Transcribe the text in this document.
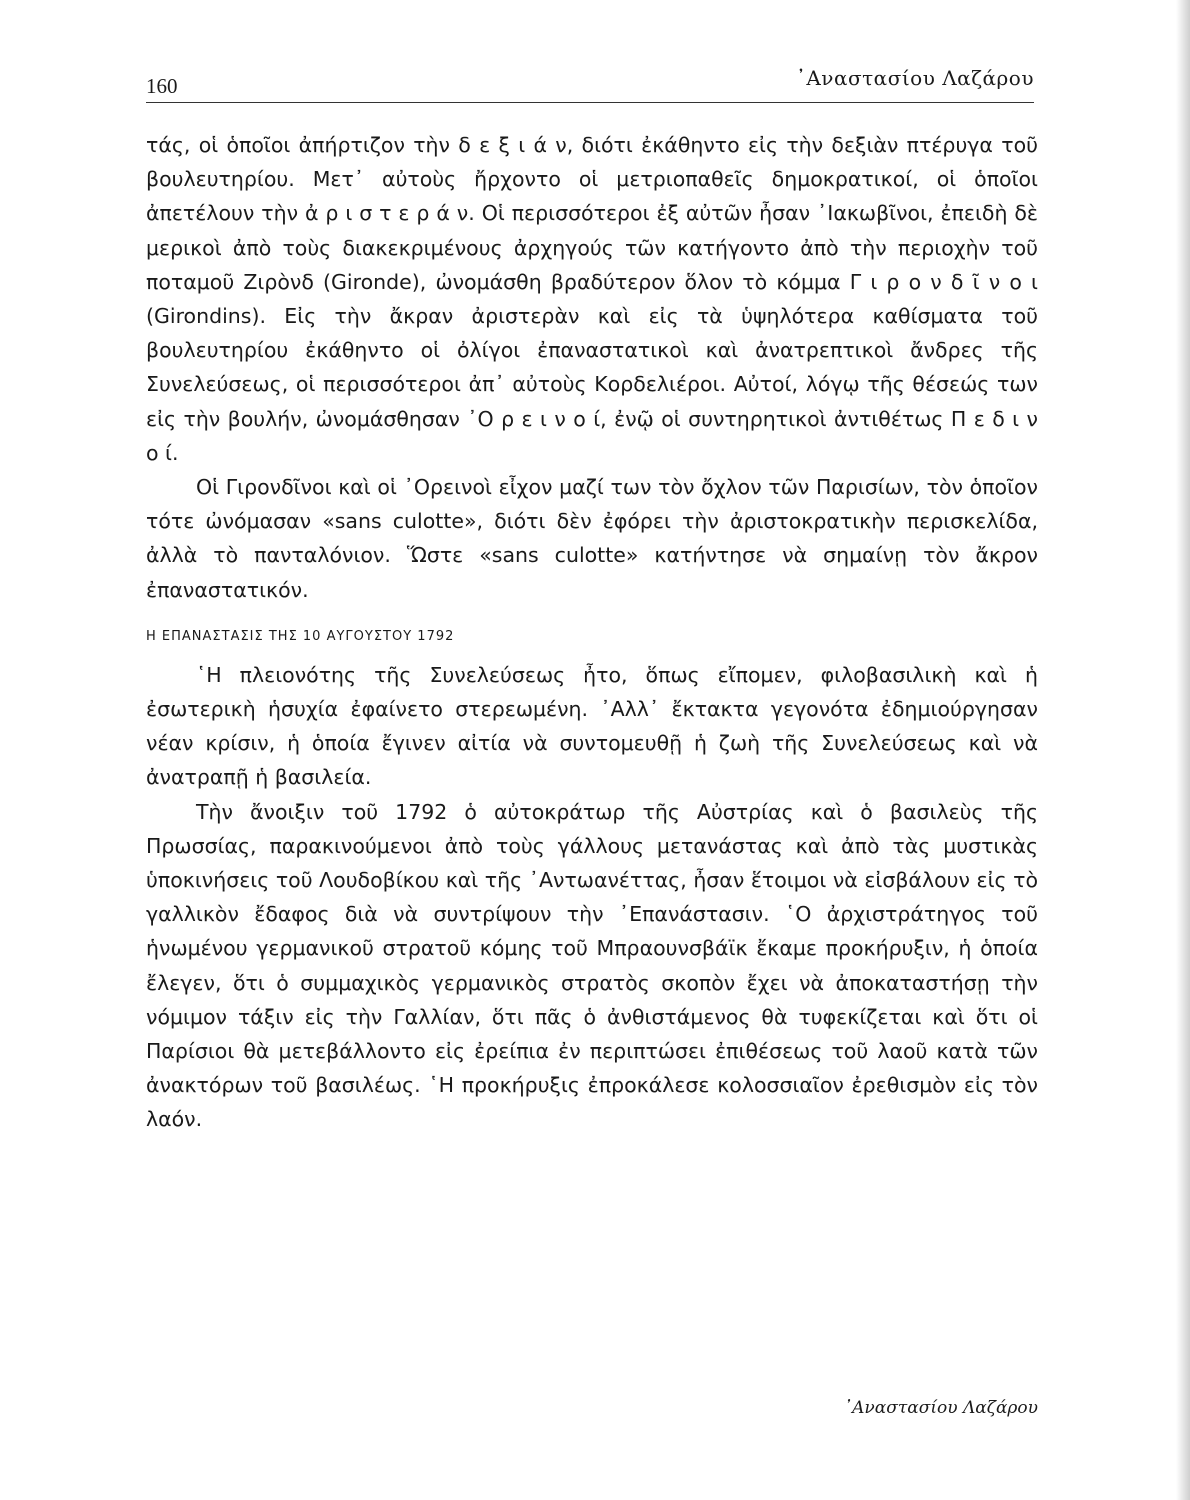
160	᾿Αναστασίου Λαζάρου

τάς, οἱ ὁποῖοι ἀπήρτιζον τὴν δ ε ξ ι ά ν, διότι ἐκάθηντο εἰς τὴν δεξιὰν πτέρυγα τοῦ βουλευτηρίου. Μετ᾿ αὐτοὺς ἤρχοντο οἱ μετριοπαθεῖς δημοκρατικοί, οἱ ὁποῖοι ἀπετέλουν τὴν ἀ ρ ι σ τ ε ρ ά ν. Οἱ περισσότεροι ἐξ αὐτῶν ἦσαν ᾿Ιακωβῖνοι, ἐπειδὴ δὲ μερικοὶ ἀπὸ τοὺς διακεκριμένους ἀρχηγούς τῶν κατήγοντο ἀπὸ τὴν περιοχὴν τοῦ ποταμοῦ Ζιρὸνδ (Gironde), ὠνομάσθη βραδύτερον ὅλον τὸ κόμμα Γ ι ρ ο ν δ ῖ ν ο ι (Girondins). Εἰς τὴν ἄκραν ἀριστερὰν καὶ εἰς τὰ ὑψηλότερα καθίσματα τοῦ βουλευτηρίου ἐκάθηντο οἱ ὀλίγοι ἐπαναστατικοὶ καὶ ἀνατρεπτικοὶ ἄνδρες τῆς Συνελεύσεως, οἱ περισσότεροι ἀπ᾿ αὐτοὺς Κορδελιέροι. Αὐτοί, λόγῳ τῆς θέσεώς των εἰς τὴν βουλήν, ὠνομάσθησαν ᾿Ο ρ ε ι ν ο ί, ἐνῷ οἱ συντηρητικοὶ ἀντιθέτως Π ε δ ι ν ο ί.

Οἱ Γιρονδῖνοι καὶ οἱ ᾿Ορεινοὶ εἶχον μαζί των τὸν ὄχλον τῶν Παρισίων, τὸν ὁποῖον τότε ὠνόμασαν «sans culotte», διότι δὲν ἐφόρει τὴν ἀριστοκρατικὴν περισκελίδα, ἀλλὰ τὸ πανταλόνιον. Ὥστε «sans culotte» κατήντησε νὰ σημαίνῃ τὸν ἄκρον ἐπαναστατικόν.

Η ΕΠΑΝΑΣΤΑΣΙΣ ΤΗΣ 10 ΑΥΓΟΥΣΤΟΥ 1792

῾Η πλειονότης τῆς Συνελεύσεως ἦτο, ὅπως εἴπομεν, φιλοβασιλικὴ καὶ ἡ ἐσωτερικὴ ἡσυχία ἐφαίνετο στερεωμένη. ᾿Αλλ᾿ ἔκτακτα γεγονότα ἐδημιούργησαν νέαν κρίσιν, ἡ ὁποία ἔγινεν αἰτία νὰ συντομευθῇ ἡ ζωὴ τῆς Συνελεύσεως καὶ νὰ ἀνατραπῇ ἡ βασιλεία.

Τὴν ἄνοιξιν τοῦ 1792 ὁ αὐτοκράτωρ τῆς Αὐστρίας καὶ ὁ βασιλεὺς τῆς Πρωσσίας, παρακινούμενοι ἀπὸ τοὺς γάλλους μετανάστας καὶ ἀπὸ τὰς μυστικὰς ὑποκινήσεις τοῦ Λουδοβίκου καὶ τῆς ᾿Αντωανέττας, ἦσαν ἕτοιμοι νὰ εἰσβάλουν εἰς τὸ γαλλικὸν ἔδαφος διὰ νὰ συντρίψουν τὴν ᾿Επανάστασιν. ῾Ο ἀρχιστράτηγος τοῦ ἡνωμένου γερμανικοῦ στρατοῦ κόμης τοῦ Μπραουνσβάϊκ ἔκαμε προκήρυξιν, ἡ ὁποία ἔλεγεν, ὅτι ὁ συμμαχικὸς γερμανικὸς στρατὸς σκοπὸν ἔχει νὰ ἀποκαταστήσῃ τὴν νόμιμον τάξιν εἰς τὴν Γαλλίαν, ὅτι πᾶς ὁ ἀνθιστάμενος θὰ τυφεκίζεται καὶ ὅτι οἱ Παρίσιοι θὰ μετεβάλλοντο εἰς ἐρείπια ἐν περιπτώσει ἐπιθέσεως τοῦ λαοῦ κατὰ τῶν ἀνακτόρων τοῦ βασιλέως. ῾Η προκήρυξις ἐπροκάλεσε κολοσσιαῖον ἐρεθισμὸν εἰς τὸν λαόν.

᾿Αναστασίου Λαζάρου
